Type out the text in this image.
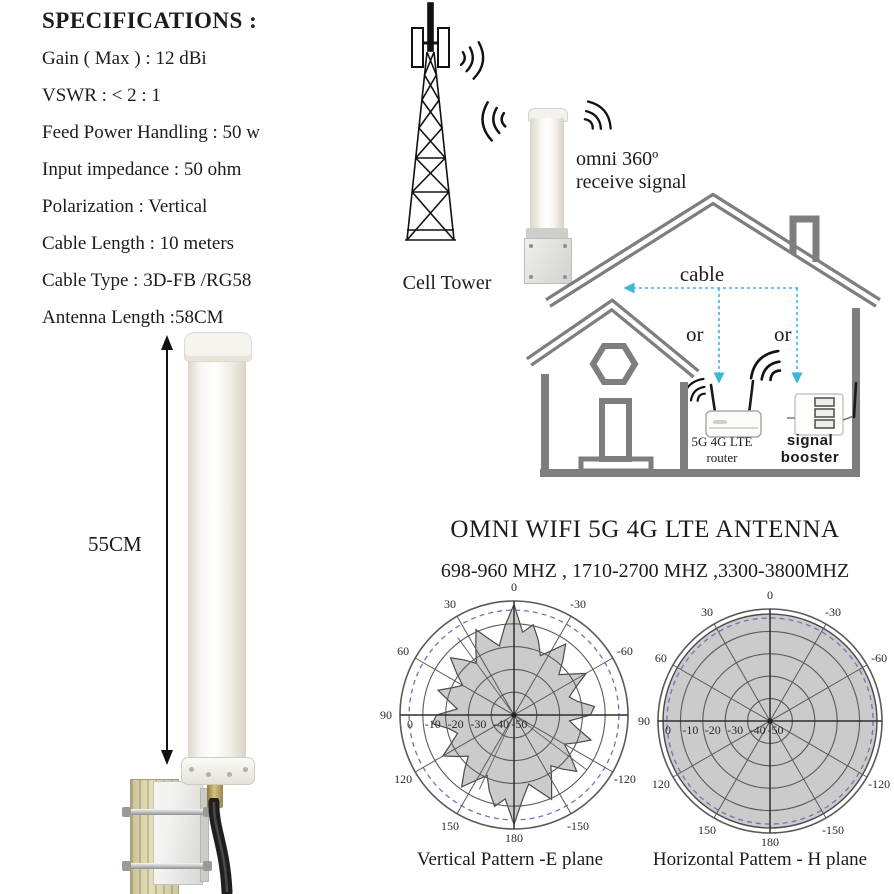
SPECIFICATIONS :
Gain ( Max ) : 12 dBi
VSWR : < 2 : 1
Feed Power Handling : 50 w
Input impedance : 50 ohm
Polarization : Vertical
Cable Length : 10 meters
Cable Type : 3D-FB /RG58
Antenna Length :58CM
Cell Tower
omni 360º
receive signal
cable
or	or
5G 4G LTE router
signal booster
55CM
OMNI WIFI 5G 4G LTE ANTENNA
698-960 MHZ , 1710-2700 MHZ ,3300-3800MHZ
0
30
60
90
120
150
180
-150
-120
-60
-30
0 -10 -20 -30 -40 -50
0
30
60
90
120
150
180
-150
-120
-60
-30
0 -10 -20 -30 -40 -50
Vertical Pattern -E plane	Horizontal Pattem - H plane
